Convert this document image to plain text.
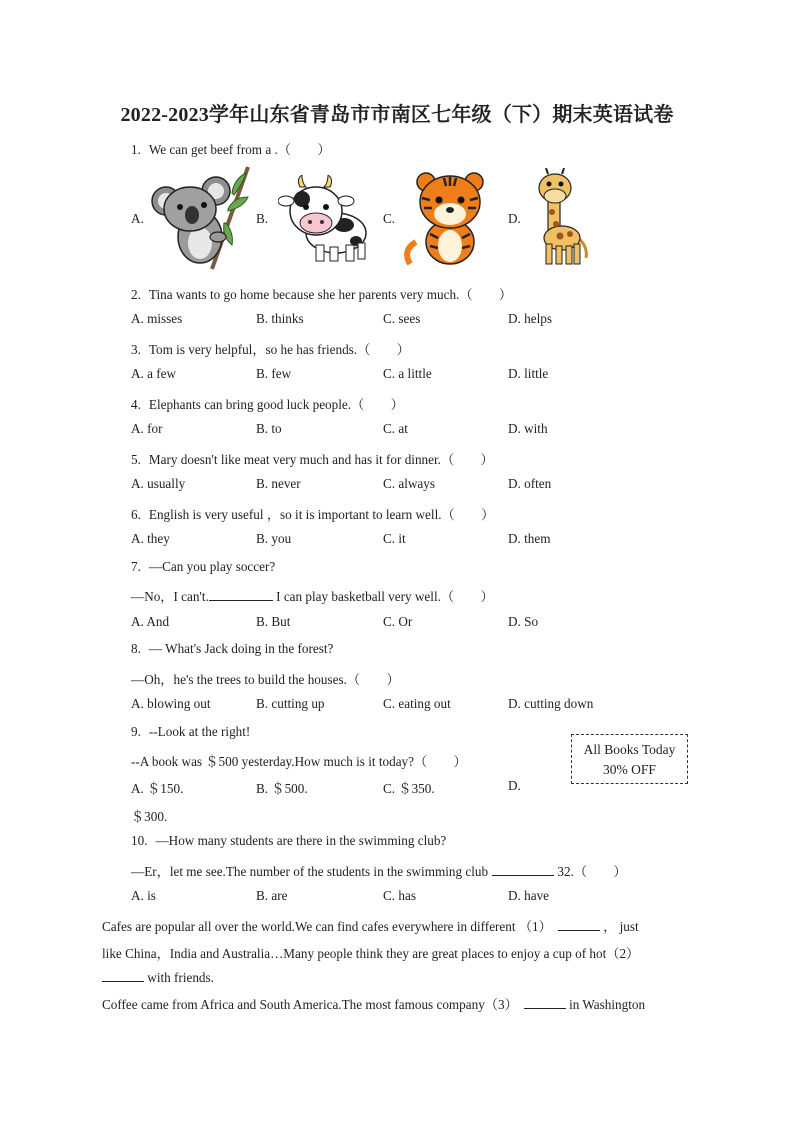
2022-2023学年山东省青岛市市南区七年级（下）期末英语试卷
1. We can get beef from a .（　　）
A.	B.	C.	D.
2. Tina wants to go home because she her parents very much.（　　）
A. misses	B. thinks	C. sees	D. helps
3. Tom is very helpful，so he has friends.（　　）
A. a few	B. few	C. a little	D. little
4. Elephants can bring good luck people.（　　）
A. for	B. to	C. at	D. with
5. Mary doesn't like meat very much and has it for dinner.（　　）
A. usually	B. never	C. always	D. often
6. English is very useful ，so it is important to learn well.（　　）
A. they	B. you	C. it	D. them
7. —Can you play soccer?
—No，I can't.	I can play basketball very well.（　　）
A. And	B. But	C. Or	D. So
8. — What's Jack doing in the forest?
—Oh，he's the trees to build the houses.（　　）
A. blowing out	B. cutting up	C. eating out	D. cutting down
9. --Look at the right!
--A book was ＄500 yesterday.How much is it today?（　　）
A. ＄150.	B. ＄500.	C. ＄350.	D.
＄300.
All Books Today
30% OFF
10. —How many students are there in the swimming club?
—Er，let me see.The number of the students in the swimming club	32.（　　）
A. is	B. are	C. has	D. have
Cafes are popular all over the world.We can find cafes everywhere in different （1）	， just
like China，India and Australia…Many people think they are great places to enjoy a cup of hot（2）
with friends.
Coffee came from Africa and South America.The most famous company（3）	in Washington
